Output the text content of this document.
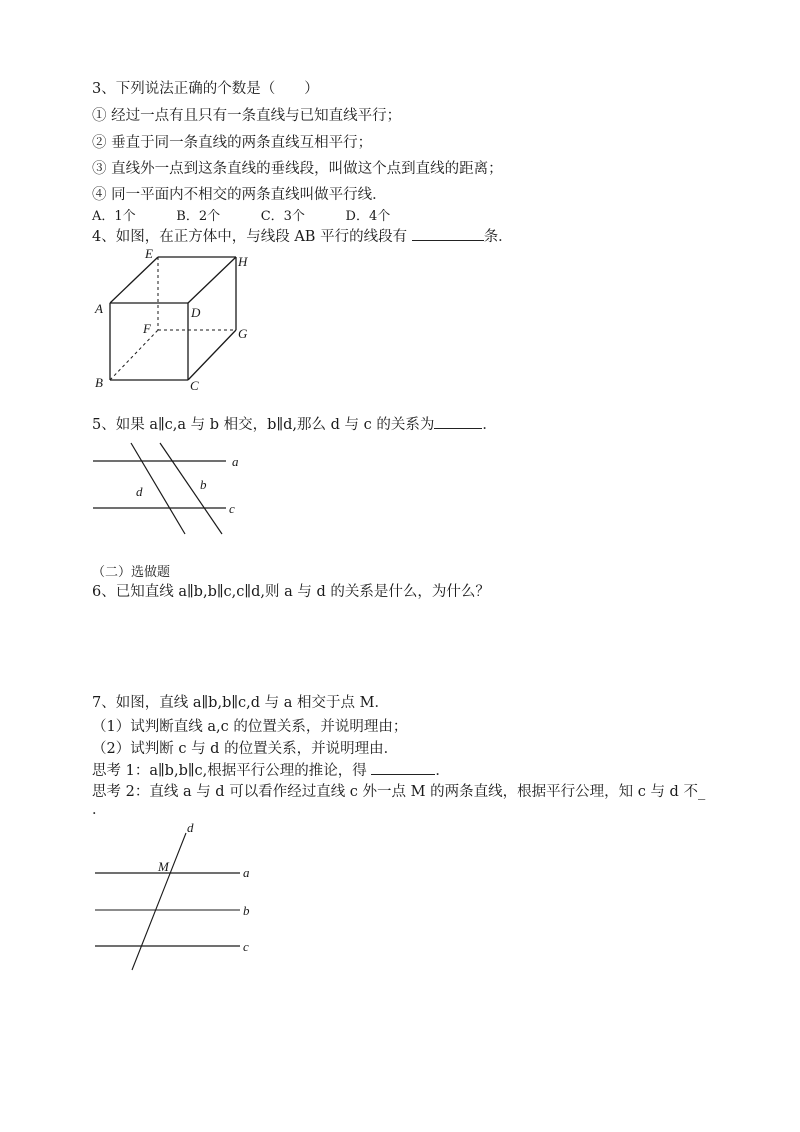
3、下列说法正确的个数是（　　）
① 经过一点有且只有一条直线与已知直线平行；
② 垂直于同一条直线的两条直线互相平行；
③ 直线外一点到这条直线的垂线段，叫做这个点到直线的距离；
④ 同一平面内不相交的两条直线叫做平行线．
A．1个	B．2个	C．3个	D．4个
4、如图，在正方体中，与线段 AB 平行的线段有	条．
E
H
A	D
F	G
B	C
5、如果 a∥c,a 与 b 相交，b∥d,那么 d 与 c 的关系为	．
a
c
d	b
（二）选做题
6、已知直线 a∥b,b∥c,c∥d,则 a 与 d 的关系是什么，为什么？
7、如图，直线 a∥b,b∥c,d 与 a 相交于点 M．
（1）试判断直线 a,c 的位置关系，并说明理由；
（2）试判断 c 与 d 的位置关系，并说明理由．
思考 1：a∥b,b∥c,根据平行公理的推论，得	．
思考 2：直线 a 与 d 可以看作经过直线 c 外一点 M 的两条直线，根据平行公理，知 c 与 d 不_
．
d
M	a
b
c
